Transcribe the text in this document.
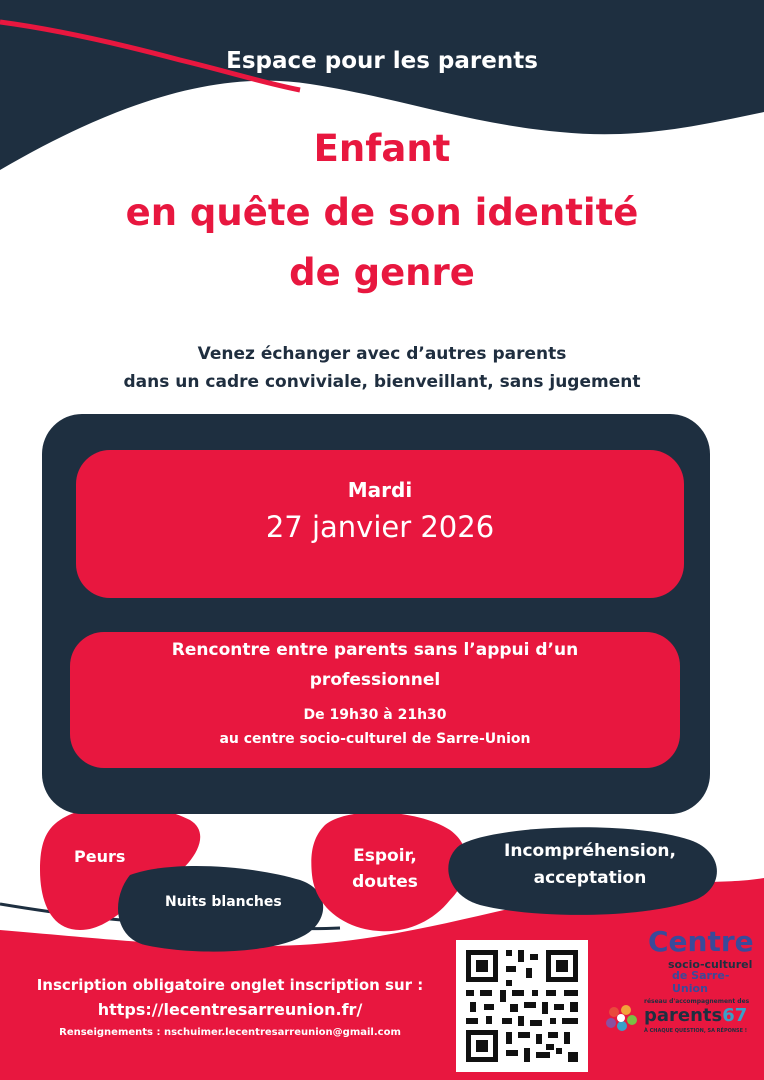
Espace pour les parents
Enfant
en quête de son identité
de genre
Venez échanger avec d’autres parents
dans un cadre conviviale, bienveillant, sans jugement
Mardi
27 janvier 2026
Rencontre entre parents sans l’appui d’un
professionnel
De 19h30 à 21h30
au centre socio-culturel de Sarre-Union
Peurs
Nuits blanches
Espoir,
doutes
Incompréhension,
acceptation
Inscription obligatoire onglet inscription sur :
https://lecentresarreunion.fr/
Renseignements : nschuimer.lecentresarreunion@gmail.com
Centre
socio-culturel
de Sarre-Union
réseau d'accompagnement des
parents67
À CHAQUE QUESTION, SA RÉPONSE !
